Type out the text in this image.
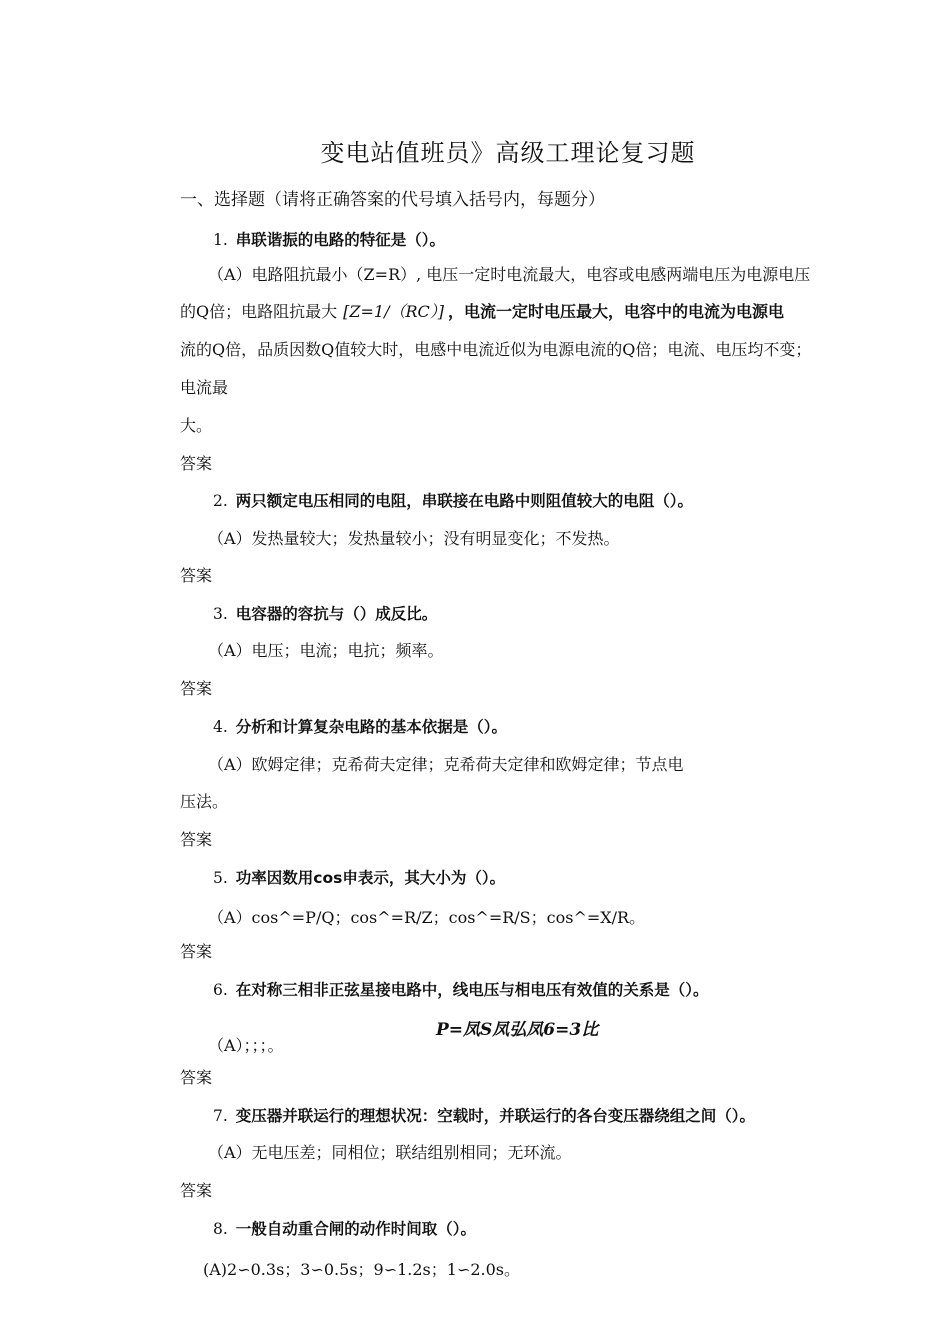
变电站值班员》高级工理论复习题
一、选择题（请将正确答案的代号填入括号内，每题分）
1. 串联谐振的电路的特征是（）。
（A）电路阻抗最小（Z=R）, 电压一定时电流最大，电容或电感两端电压为电源电压
的Q倍；电路阻抗最大 [Z=1/（RC）] ，电流一定时电压最大，电容中的电流为电源电
流的Q倍，品质因数Q值较大时，电感中电流近似为电源电流的Q倍；电流、电压均不变；
电流最
大。
答案
2. 两只额定电压相同的电阻，串联接在电路中则阻值较大的电阻（）。
（A）发热量较大；发热量较小；没有明显变化；不发热。
答案
3. 电容器的容抗与（）成反比。
（A）电压；电流；电抗；频率。
答案
4. 分析和计算复杂电路的基本依据是（）。
（A）欧姆定律；克希荷夫定律；克希荷夫定律和欧姆定律；节点电
压法。
答案
5. 功率因数用cos申表示，其大小为（）。
（A）cos^=P/Q；cos^=R/Z；cos^=R/S；cos^=X/R。
答案
6. 在对称三相非正弦星接电路中，线电压与相电压有效值的关系是（）。
P=凤S凤弘凤6=3比
（A）；；；。
答案
7. 变压器并联运行的理想状况：空载时，并联运行的各台变压器绕组之间（）。
（A）无电压差；同相位；联结组别相同；无环流。
答案
8. 一般自动重合闸的动作时间取（）。
(A)2∽0.3s；3∽0.5s；9∽1.2s；1∽2.0s。
